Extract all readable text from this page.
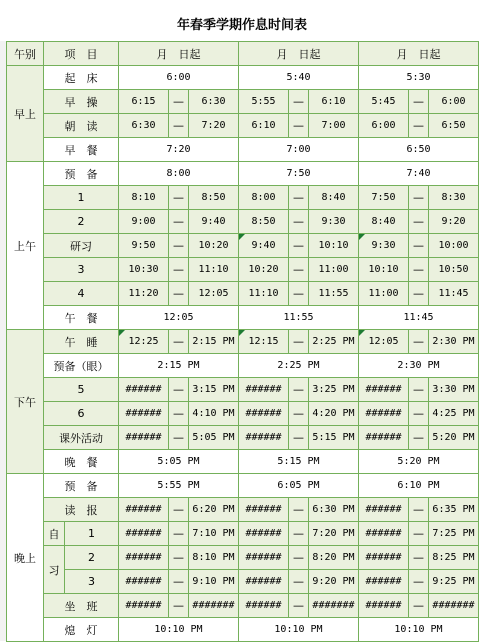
年春季学期作息时间表
午别	项　目		月　日起			月　日起			月　日起		
早上	起　床		6:00			5:40			5:30		
	早　操		6:15	—	6:30	5:55	—	6:10	5:45	—	6:00
	朝　读		6:30	—	7:20	6:10	—	7:00	6:00	—	6:50
	早　餐		7:20			7:00			6:50		
上午	预　备		8:00			7:50			7:40		
	1		8:10	—	8:50	8:00	—	8:40	7:50	—	8:30
	2		9:00	—	9:40	8:50	—	9:30	8:40	—	9:20
	研习		9:50	—	10:20	9:40	—	10:10	9:30	—	10:00
	3		10:30	—	11:10	10:20	—	11:00	10:10	—	10:50
	4		11:20	—	12:05	11:10	—	11:55	11:00	—	11:45
	午　餐		12:05			11:55			11:45		
下午	午　睡		12:25	—	2:15 PM	12:15	—	2:25 PM	12:05	—	2:30 PM
	预备（眼）		2:15 PM			2:25 PM			2:30 PM		
	5		######	—	3:15 PM	######	—	3:25 PM	######	—	3:30 PM
	6		######	—	4:10 PM	######	—	4:20 PM	######	—	4:25 PM
	课外活动		######	—	5:05 PM	######	—	5:15 PM	######	—	5:20 PM
	晚　餐		5:05 PM			5:15 PM			5:20 PM		
晚上	预　备		5:55 PM			6:05 PM			6:10 PM		
	读　报		######	—	6:20 PM	######	—	6:30 PM	######	—	6:35 PM
	自	1	######	—	7:10 PM	######	—	7:20 PM	######	—	7:25 PM
	习	2	######	—	8:10 PM	######	—	8:20 PM	######	—	8:25 PM
		3	######	—	9:10 PM	######	—	9:20 PM	######	—	9:25 PM
	坐　班		######	—	#######	######	—	#######	######	—	#######
	熄　灯		10:10 PM			10:10 PM			10:10 PM		
